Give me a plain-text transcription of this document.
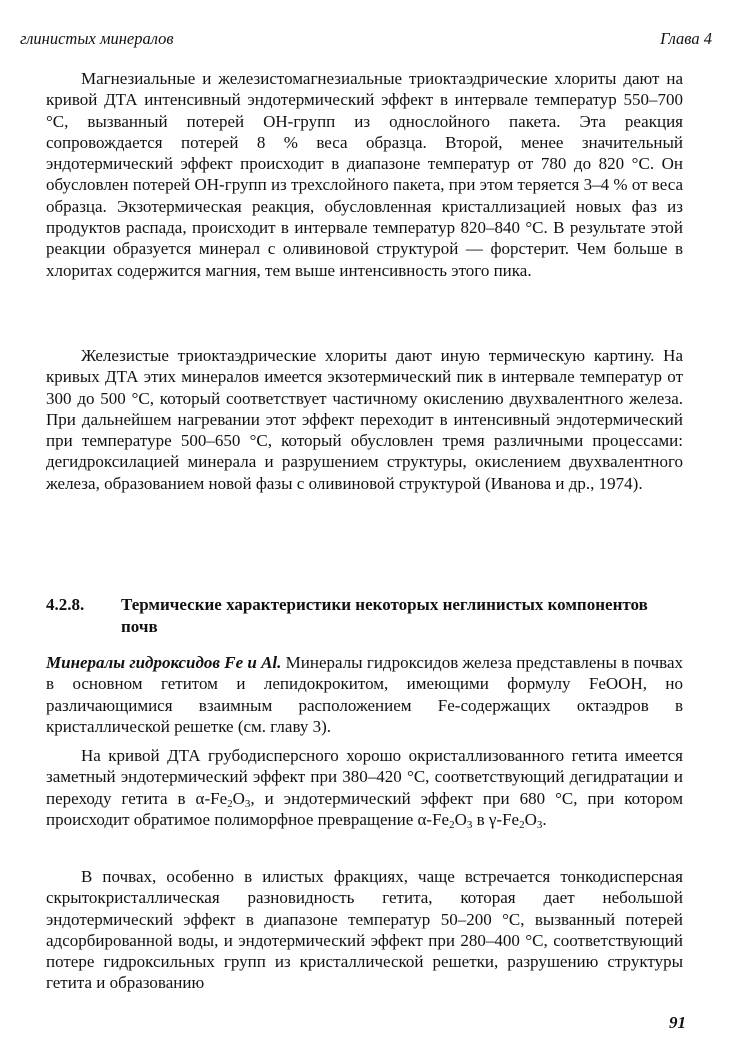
глинистых минералов	Глава 4

Магнезиальные и железистомагнезиальные триоктаэдрические хлориты дают на кривой ДТА интенсивный эндотермический эффект в интервале температур 550–700 °С, вызванный потерей ОН-групп из однослойного пакета. Эта реакция сопровождается потерей 8 % веса образца. Второй, менее значительный эндотермический эффект происходит в диапазоне температур от 780 до 820 °С. Он обусловлен потерей ОН-групп из трехслойного пакета, при этом теряется 3–4 % от веса образца. Экзотермическая реакция, обусловленная кристаллизацией новых фаз из продуктов распада, происходит в интервале температур 820–840 °С. В результате этой реакции образуется минерал с оливиновой структурой — форстерит. Чем больше в хлоритах содержится магния, тем выше интенсивность этого пика.

Железистые триоктаэдрические хлориты дают иную термическую картину. На кривых ДТА этих минералов имеется экзотермический пик в интервале температур от 300 до 500 °С, который соответствует частичному окислению двухвалентного железа. При дальнейшем нагревании этот эффект переходит в интенсивный эндотермический при температуре 500–650 °С, который обусловлен тремя различными процессами: дегидроксилацией минерала и разрушением структуры, окислением двухвалентного железа, образованием новой фазы с оливиновой структурой (Иванова и др., 1974).

4.2.8. Термические характеристики некоторых неглинистых компонентов почв

Минералы гидроксидов Fe и Al. Минералы гидроксидов железа представлены в почвах в основном гетитом и лепидокрокитом, имеющими формулу FeOOH, но различающимися взаимным расположением Fe-содержащих октаэдров в кристаллической решетке (см. главу 3).

На кривой ДТА грубодисперсного хорошо окристаллизованного гетита имеется заметный эндотермический эффект при 380–420 °С, соответствующий дегидратации и переходу гетита в $\alpha-Fe_2O_3$, и эндотермический эффект при 680 °С, при котором происходит обратимое полиморфное превращение $\alpha-Fe_2O_3$ в $\gamma-Fe_2O_3$.

В почвах, особенно в илистых фракциях, чаще встречается тонкодисперсная скрытокристаллическая разновидность гетита, которая дает небольшой эндотермический эффект в диапазоне температур 50–200 °С, вызванный потерей адсорбированной воды, и эндотермический эффект при 280–400 °С, соответствующий потере гидроксильных групп из кристаллической решетки, разрушению структуры гетита и образованию

91
